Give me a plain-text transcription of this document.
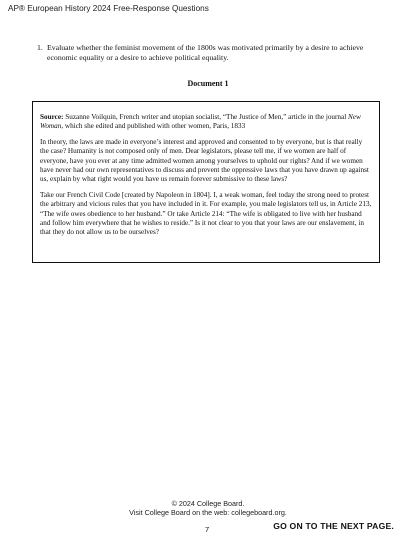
AP® European History 2024 Free-Response Questions
1. Evaluate whether the feminist movement of the 1800s was motivated primarily by a desire to achieve economic equality or a desire to achieve political equality.
Document 1

Source: Suzanne Voilquin, French writer and utopian socialist, “The Justice of Men,” article in the journal New Woman, which she edited and published with other women, Paris, 1833

In theory, the laws are made in everyone’s interest and approved and consented to by everyone, but is that really the case? Humanity is not composed only of men. Dear legislators, please tell me, if we women are half of everyone, have you ever at any time admitted women among yourselves to uphold our rights? And if we women have never had our own representatives to discuss and prevent the oppressive laws that you have drawn up against us, explain by what right would you have us remain forever submissive to these laws?

Take our French Civil Code [created by Napoleon in 1804]. I, a weak woman, feel today the strong need to protest the arbitrary and vicious rules that you have included in it. For example, you male legislators tell us, in Article 213, “The wife owes obedience to her husband.” Or take Article 214: “The wife is obligated to live with her husband and follow him everywhere that he wishes to reside.” Is it not clear to you that your laws are our enslavement, in that they do not allow us to be ourselves?

© 2024 College Board.
Visit College Board on the web: collegeboard.org.
7	GO ON TO THE NEXT PAGE.
